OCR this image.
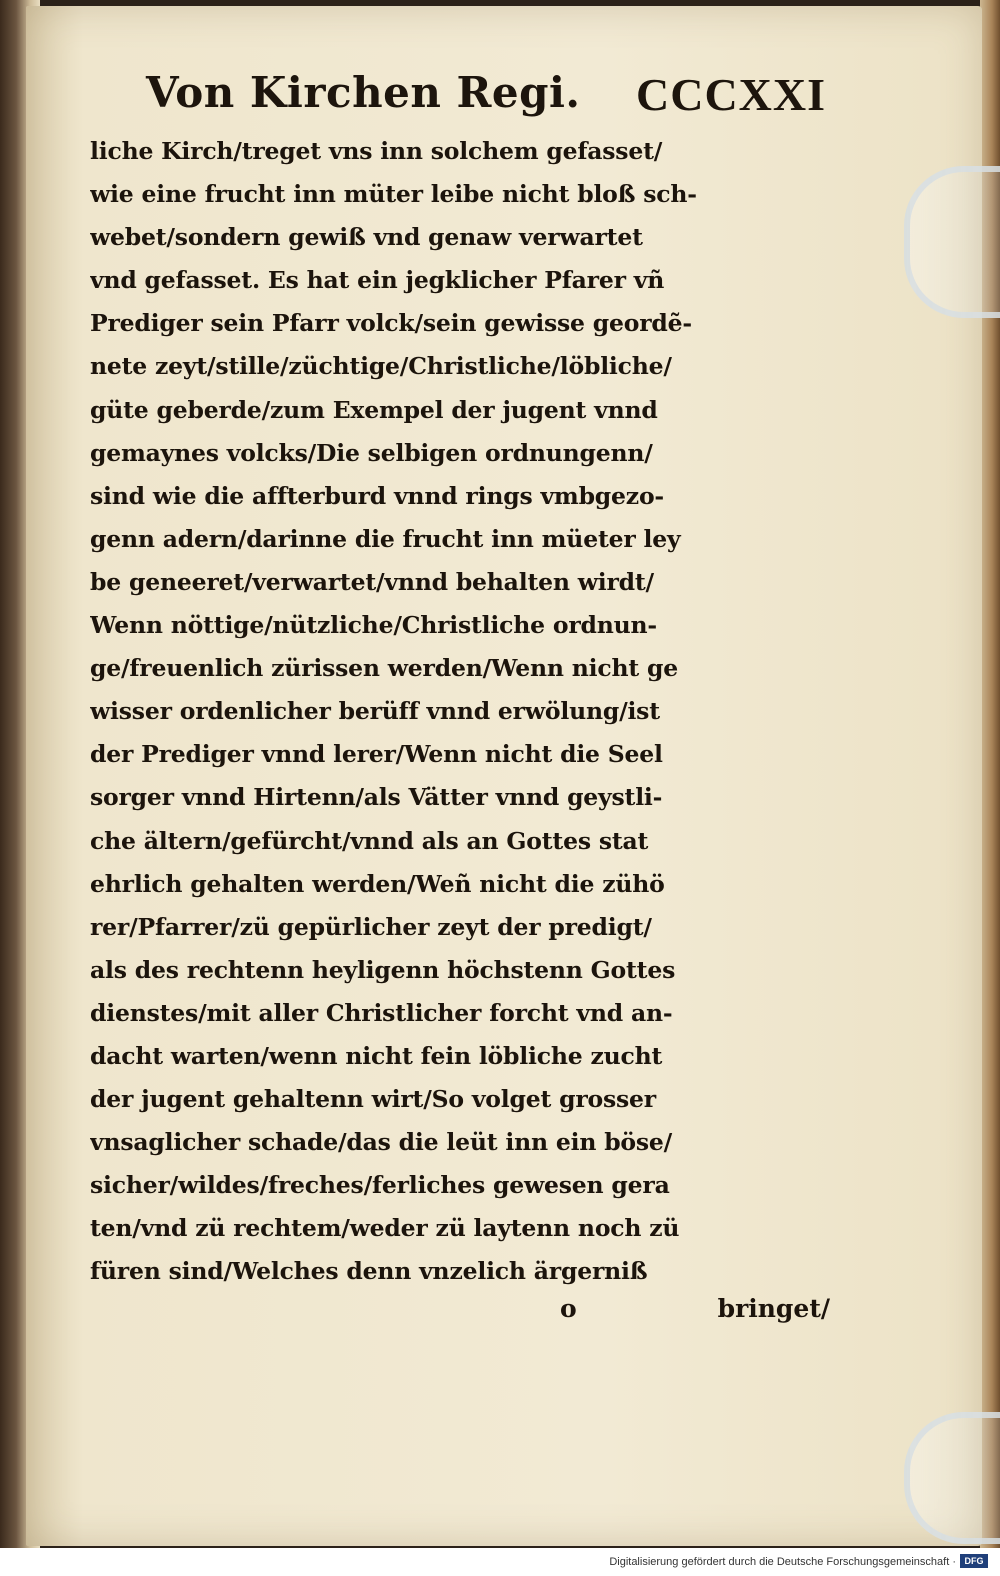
Von Kirchen Regi. CCCXXI
liche Kirch/treget vns inn solchem gefasset/
wie eine frucht inn müter leibe nicht bloß sch-
webet/sondern gewiß vnd genaw verwartet
vnd gefasset. Es hat ein jegklicher Pfarer vñ
Prediger sein Pfarr volck/sein gewisse geordẽ-
nete zeyt/stille/züchtige/Christliche/löbliche/
güte geberde/zum Exempel der jugent vnnd
gemaynes volcks/Die selbigen ordnungenn/
sind wie die affterburd vnnd rings vmbgezo-
genn adern/darinne die frucht inn müeter ley
be geneeret/verwartet/vnnd behalten wirdt/
Wenn nöttige/nützliche/Christliche ordnun-
ge/freuenlich zürissen werden/Wenn nicht ge
wisser ordenlicher berüff vnnd erwölung/ist
der Prediger vnnd lerer/Wenn nicht die Seel
sorger vnnd Hirtenn/als Vätter vnnd geystli-
che ältern/gefürcht/vnnd als an Gottes stat
ehrlich gehalten werden/Weñ nicht die zühö
rer/Pfarrer/zü gepürlicher zeyt der predigt/
als des rechtenn heyligenn höchstenn Gottes
dienstes/mit aller Christlicher forcht vnd an-
dacht warten/wenn nicht fein löbliche zucht
der jugent gehaltenn wirt/So volget grosser
vnsaglicher schade/das die leüt inn ein böse/
sicher/wildes/freches/ferliches gewesen gera
ten/vnd zü rechtem/weder zü laytenn noch zü
füren sind/Welches denn vnzelich ärgerniß
o	bringet/
Digitalisierung gefördert durch die Deutsche Forschungsgemeinschaft · DFG
